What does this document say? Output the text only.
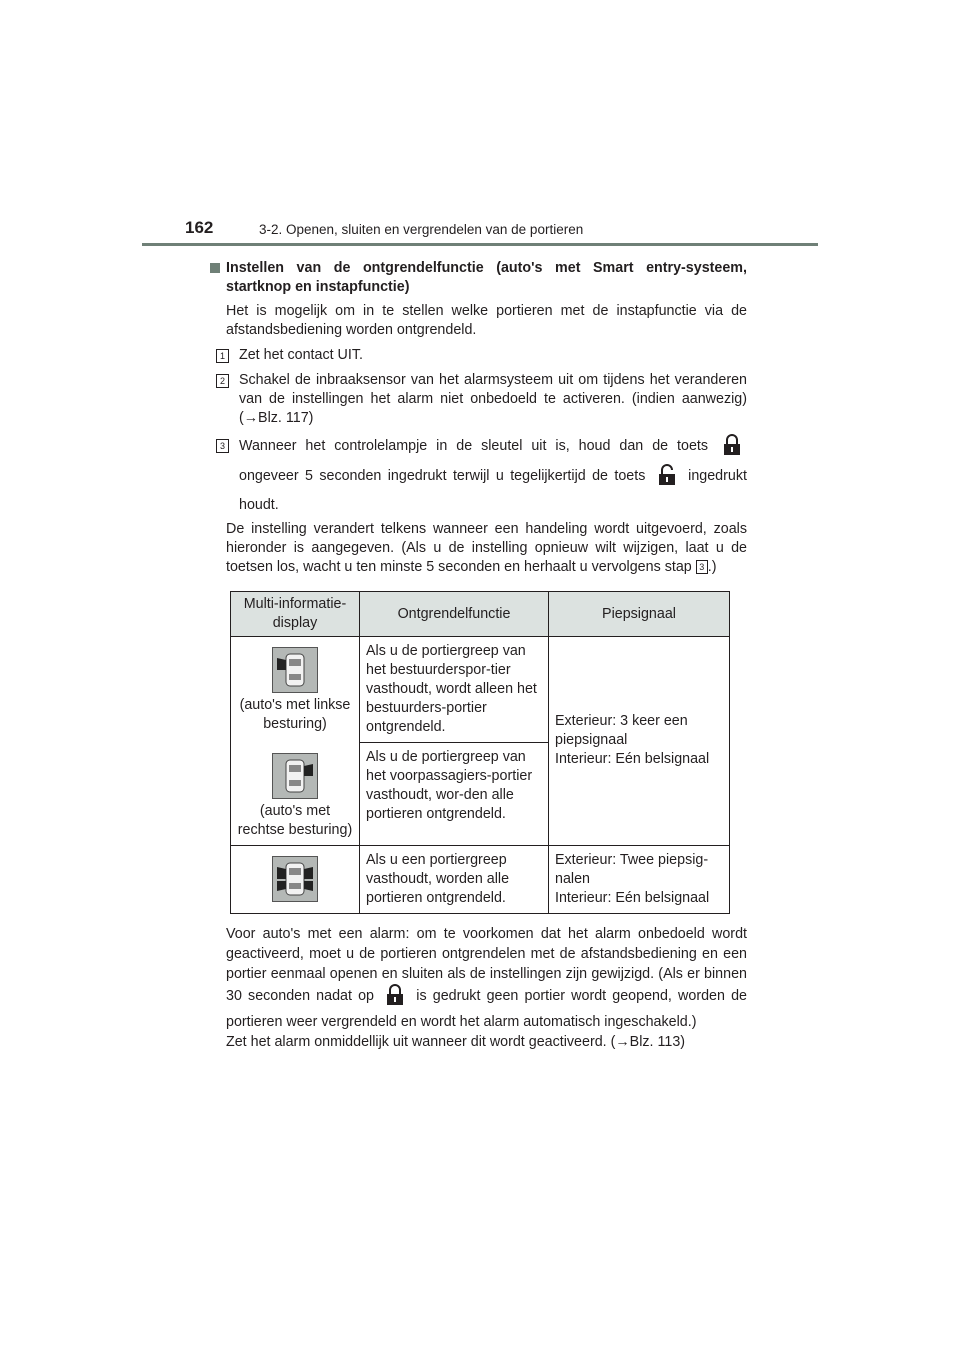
162	3-2. Openen, sluiten en vergrendelen van de portieren
Instellen van de ontgrendelfunctie (auto's met Smart entry-systeem, startknop en instapfunctie)
Het is mogelijk om in te stellen welke portieren met de instapfunctie via de afstandsbediening worden ontgrendeld.
1 Zet het contact UIT.
2 Schakel de inbraaksensor van het alarmsysteem uit om tijdens het veranderen van de instellingen het alarm niet onbedoeld te activeren. (indien aanwezig) (→Blz. 117)
3 Wanneer het controlelampje in de sleutel uit is, houd dan de toets  ongeveer 5 seconden ingedrukt terwijl u tegelijkertijd de toets	ingedrukt houdt.
De instelling verandert telkens wanneer een handeling wordt uitgevoerd, zoals hieronder is aangegeven. (Als u de instelling opnieuw wilt wijzigen, laat u de toetsen los, wacht u ten minste 5 seconden en herhaalt u vervolgens stap 3 .)
Multi-informatie-display	Ontgrendelfunctie	Piepsignaal

(auto's met linkse besturing)	Als u de portiergreep van het bestuurderspor-tier vasthoudt, wordt alleen het bestuurders-portier ontgrendeld.	Exterieur: 3 keer een piepsignaal
Interieur: Eén belsignaal

(auto's met rechtse besturing)	Als u de portiergreep van het voorpassagiers-portier vasthoudt, wor-den alle portieren ontgrendeld.	

	Als u een portiergreep vasthoudt, worden alle portieren ontgrendeld.	Exterieur: Twee piepsig-nalen
Interieur: Eén belsignaal
Voor auto's met een alarm: om te voorkomen dat het alarm onbedoeld wordt geactiveerd, moet u de portieren ontgrendelen met de afstandsbediening en een portier eenmaal openen en sluiten als de instellingen zijn gewijzigd. (Als er binnen 30 seconden nadat op	is gedrukt geen portier wordt geopend, worden de portieren weer vergrendeld en wordt het alarm automatisch ingeschakeld.)
Zet het alarm onmiddellijk uit wanneer dit wordt geactiveerd. (→Blz. 113)
